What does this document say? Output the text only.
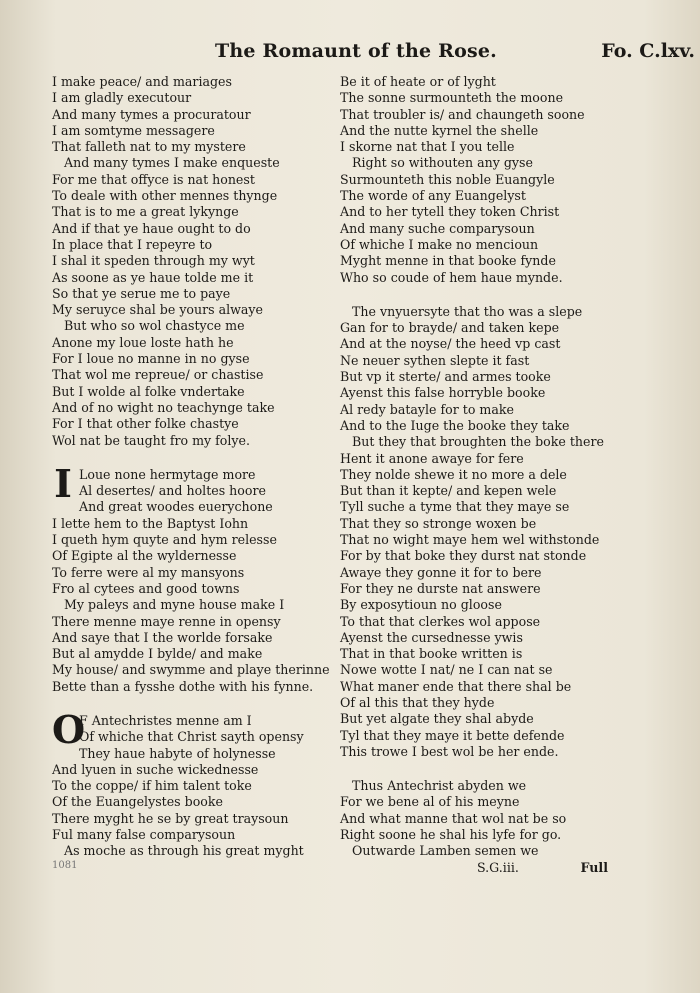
The Romaunt of the Rose.	Fo. C.lxv.
I make peace/ and mariages
I am gladly executour
And many tymes a procuratour
I am somtyme messagere
That falleth nat to my mystere
And many tymes I make enqueste
For me that offyce is nat honest
To deale with other mennes thynge
That is to me a great lykynge
And if that ye haue ought to do
In place that I repeyre to
I shal it speden through my wyt
As soone as ye haue tolde me it
So that ye serue me to paye
My seruyce shal be yours alwaye
But who so wol chastyce me
Anone my loue loste hath he
For I loue no manne in no gyse
That wol me repreue/ or chastise
But I wolde al folke vndertake
And of no wight no teachynge take
For I that other folke chastye
Wol nat be taught fro my folye.
I Loue none hermytage more
Al desertes/ and holtes hoore
And great woodes euerychone
I lette hem to the Baptyst Iohn
I queth hym quyte and hym relesse
Of Egipte al the wyldernesse
To ferre were al my mansyons
Fro al cytees and good towns
My paleys and myne house make I
There menne maye renne in opensy
And saye that I the worlde forsake
But al amydde I bylde/ and make
My house/ and swymme and playe therinne
Bette than a fysshe dothe with his fynne.
O
F Antechristes menne am I
Of whiche that Christ sayth opensy
They haue habyte of holynesse
And lyuen in suche wickednesse
To the coppe/ if him talent toke
Of the Euangelystes booke
There myght he se by great traysoun
Ful many false comparysoun
As moche as through his great myght
Be it of heate or of lyght
The sonne surmounteth the moone
That troubler is/ and chaungeth soone
And the nutte kyrnel the shelle
I skorne nat that I you telle
Right so withouten any gyse
Surmounteth this noble Euangyle
The worde of any Euangelyst
And to her tytell they token Christ
And many suche comparysoun
Of whiche I make no mencioun
Myght menne in that booke fynde
Who so coude of hem haue mynde.
The vnyuersyte that tho was a slepe
Gan for to brayde/ and taken kepe
And at the noyse/ the heed vp cast
Ne neuer sythen slepte it fast
But vp it sterte/ and armes tooke
Ayenst this false horryble booke
Al redy batayle for to make
And to the Iuge the booke they take
But they that broughten the boke there
Hent it anone awaye for fere
They nolde shewe it no more a dele
But than it kepte/ and kepen wele
Tyll suche a tyme that they maye se
That they so stronge woxen be
That no wight maye hem wel withstonde
For by that boke they durst nat stonde
Awaye they gonne it for to bere
For they ne durste nat answere
By exposytioun no gloose
To that that clerkes wol appose
Ayenst the cursednesse ywis
That in that booke written is
Nowe wotte I nat/ ne I can nat se
What maner ende that there shal be
Of al this that they hyde
But yet algate they shal abyde
Tyl that they maye it bette defende
This trowe I best wol be her ende.
Thus Antechrist abyden we
For we bene al of his meyne
And what manne that wol nat be so
Right soone he shal his lyfe for go.
Outwarde Lamben semen we
1081	S.G.iii.	Full
